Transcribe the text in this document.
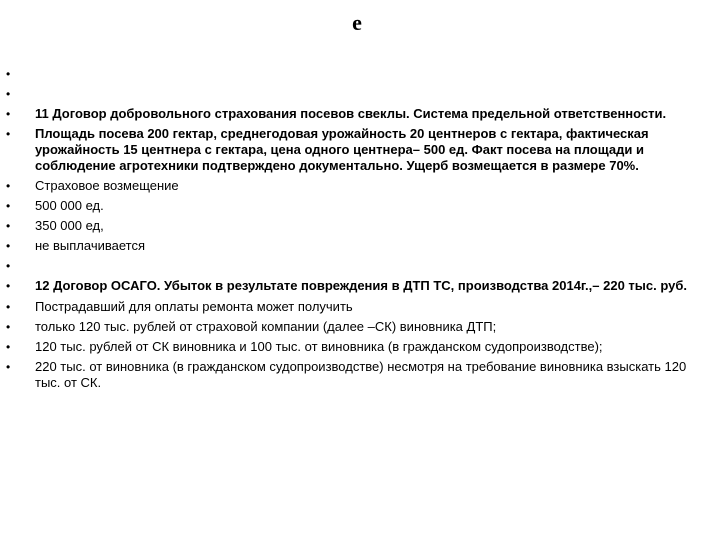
е
•
•
• 11 Договор добровольного страхования посевов свеклы. Система предельной ответственности.
• Площадь посева 200 гектар, среднегодовая урожайность 20 центнеров с гектара, фактическая урожайность 15 центнера с гектара, цена одного центнера– 500 ед. Факт посева на площади и соблюдение агротехники подтверждено документально. Ущерб возмещается в размере 70%.
• Страховое возмещение
• 500 000 ед.
• 350 000 ед,
• не выплачивается
•
• 12 Договор ОСАГО. Убыток в результате повреждения в ДТП ТС, производства 2014г.,– 220 тыс. руб.
• Пострадавший для оплаты ремонта может получить
• только 120 тыс. рублей от страховой компании (далее –СК) виновника ДТП;
• 120 тыс. рублей от СК виновника и 100 тыс. от виновника (в гражданском судопроизводстве);
• 220 тыс. от виновника (в гражданском судопроизводстве) несмотря на требование виновника взыскать 120 тыс. от СК.
